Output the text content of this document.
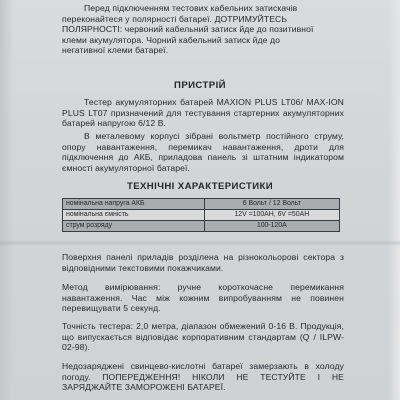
Перед підключенням тестових кабельних затискачів
переконайтеся у полярності батареї. ДОТРИМУЙТЕСЬ
ПОЛЯРНОСТІ: червоний кабельний затиск йде до позитивної
клеми акумулятора. Чорний кабельний затиск йде до
негативної клеми батареї.
ПРИСТРІЙ

Тестер акумуляторних батарей MAXION PLUS LT06/ MAX-ION PLUS LT07 призначений для тестування стартерних акумуляторних батарей напругою 6/12 В.

В металевому корпусі зібрані вольтметр постійного струму, опору навантаження, перемикач навантаження, дроти для підключення до АКБ, приладова панель зі штатним індикатором ємності акумуляторної батареї.

ТЕХНІЧНІ ХАРАКТЕРИСТИКИ
номінальна напруга АКБ	6 Вольт / 12 Вольт
номінальна ємність	12V =100AH, 6V =50AH
струм розряду	100-120А

Поверхня панелі приладів розділена на різнокольорові сектора з відповідними текстовими покажчиками.

Метод вимірювання: ручне короткочасне перемикання навантаження. Час між кожним випробуванням не повинен перевищувати 5 секунд.

Точність тестера: 2,0 метра, діапазон обмежений 0-16 В. Продукція, що випускається відповідає корпоративним стандартам (Q / ILPW-02-98).

Недозаряджені свинцево-кислотні батареї замерзають в холоду погоду. ПОПЕРЕДЖЕННЯ! НІКОЛИ НЕ ТЕСТУЙТЕ І НЕ ЗАРЯДЖАЙТЕ ЗАМОРОЖЕНІ БАТАРЕЇ.
